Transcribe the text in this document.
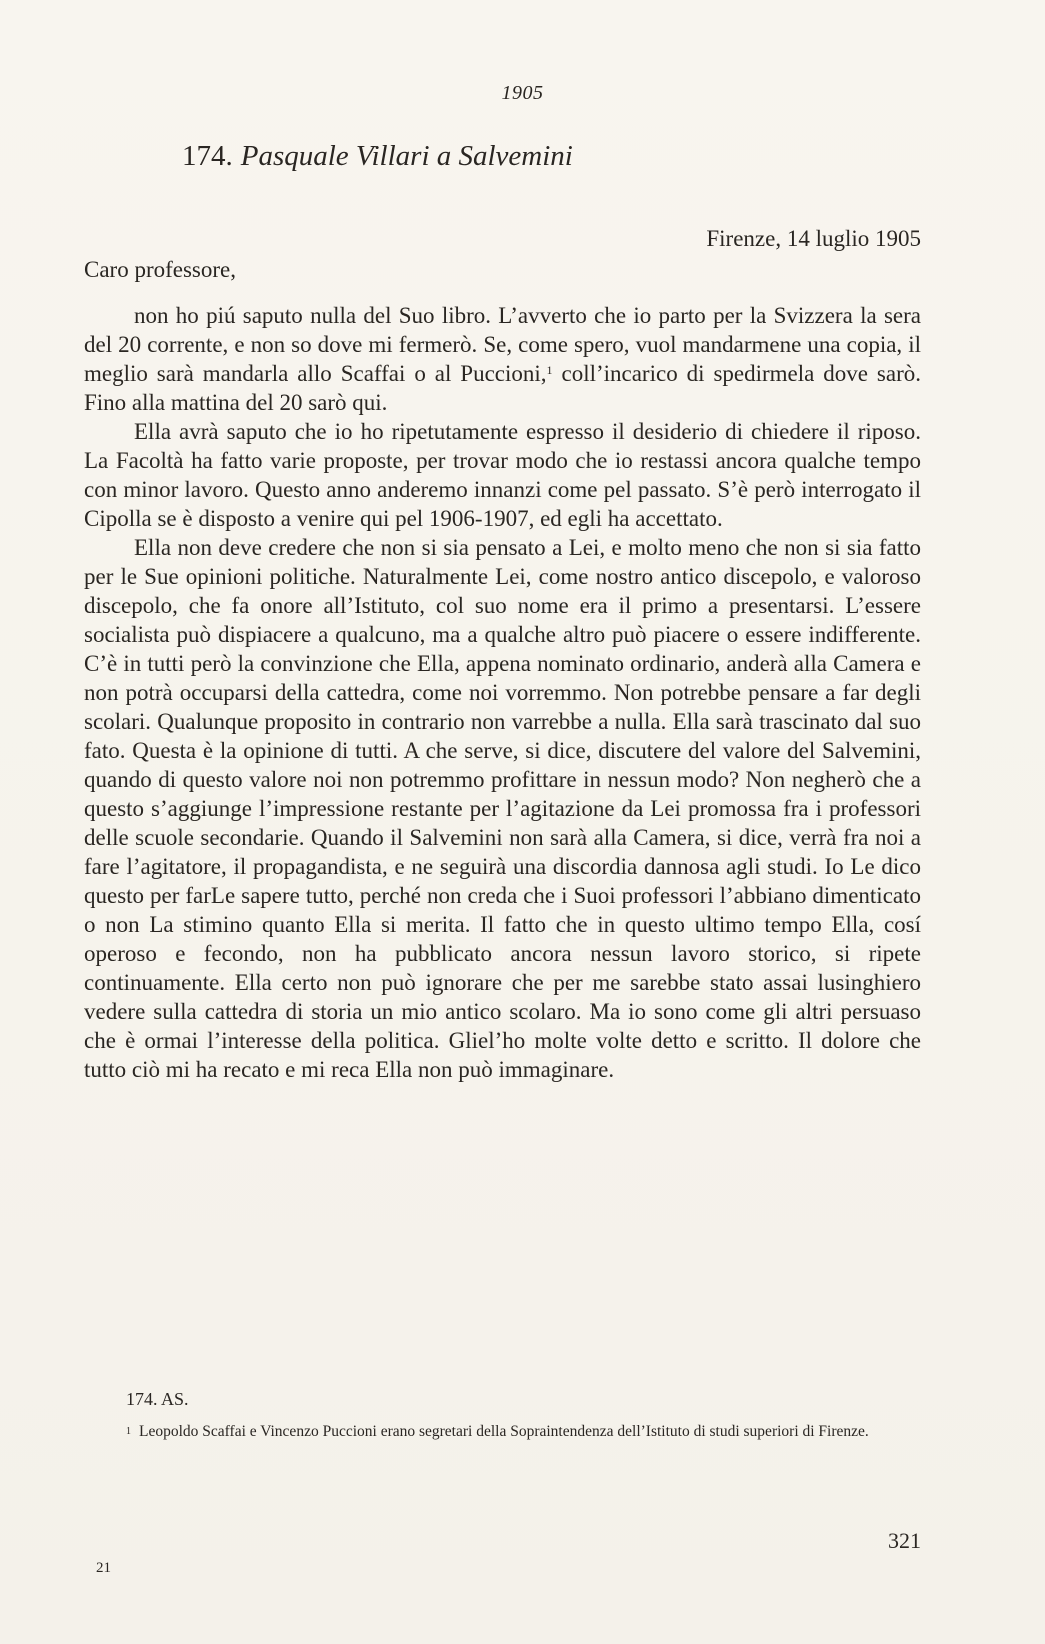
1905
174. Pasquale Villari a Salvemini
Firenze, 14 luglio 1905
Caro professore,

non ho piú saputo nulla del Suo libro. L’avverto che io parto per la Svizzera la sera del 20 corrente, e non so dove mi fermerò. Se, come spero, vuol mandarmene una copia, il meglio sarà mandarla allo Scaffai o al Puccioni,$^1$ coll’incarico di spedirmela dove sarò. Fino alla mattina del 20 sarò qui.

Ella avrà saputo che io ho ripetutamente espresso il desiderio di chiedere il riposo. La Facoltà ha fatto varie proposte, per trovar modo che io restassi ancora qualche tempo con minor lavoro. Questo anno anderemo innanzi come pel passato. S’è però interrogato il Cipolla se è disposto a venire qui pel 1906-1907, ed egli ha accettato.

Ella non deve credere che non si sia pensato a Lei, e molto meno che non si sia fatto per le Sue opinioni politiche. Naturalmente Lei, come nostro antico discepolo, e valoroso discepolo, che fa onore all’Istituto, col suo nome era il primo a presentarsi. L’essere socialista può dispiacere a qualcuno, ma a qualche altro può piacere o essere indifferente. C’è in tutti però la convinzione che Ella, appena nominato ordinario, anderà alla Camera e non potrà occuparsi della cattedra, come noi vorremmo. Non potrebbe pensare a far degli scolari. Qualunque proposito in contrario non varrebbe a nulla. Ella sarà trascinato dal suo fato. Questa è la opinione di tutti. A che serve, si dice, discutere del valore del Salvemini, quando di questo valore noi non potremmo profittare in nessun modo? Non negherò che a questo s’aggiunge l’impressione restante per l’agitazione da Lei promossa fra i professori delle scuole secondarie. Quando il Salvemini non sarà alla Camera, si dice, verrà fra noi a fare l’agitatore, il propagandista, e ne seguirà una discordia dannosa agli studi. Io Le dico questo per farLe sapere tutto, perché non creda che i Suoi professori l’abbiano dimenticato o non La stimino quanto Ella si merita. Il fatto che in questo ultimo tempo Ella, cosí operoso e fecondo, non ha pubblicato ancora nessun lavoro storico, si ripete continuamente. Ella certo non può ignorare che per me sarebbe stato assai lusinghiero vedere sulla cattedra di storia un mio antico scolaro. Ma io sono come gli altri persuaso che è ormai l’interesse della politica. Gliel’ho molte volte detto e scritto. Il dolore che tutto ciò mi ha recato e mi reca Ella non può immaginare.

174. AS.
$^1$ Leopoldo Scaffai e Vincenzo Puccioni erano segretari della Sopraintendenza dell’Istituto di studi superiori di Firenze.
321
21
